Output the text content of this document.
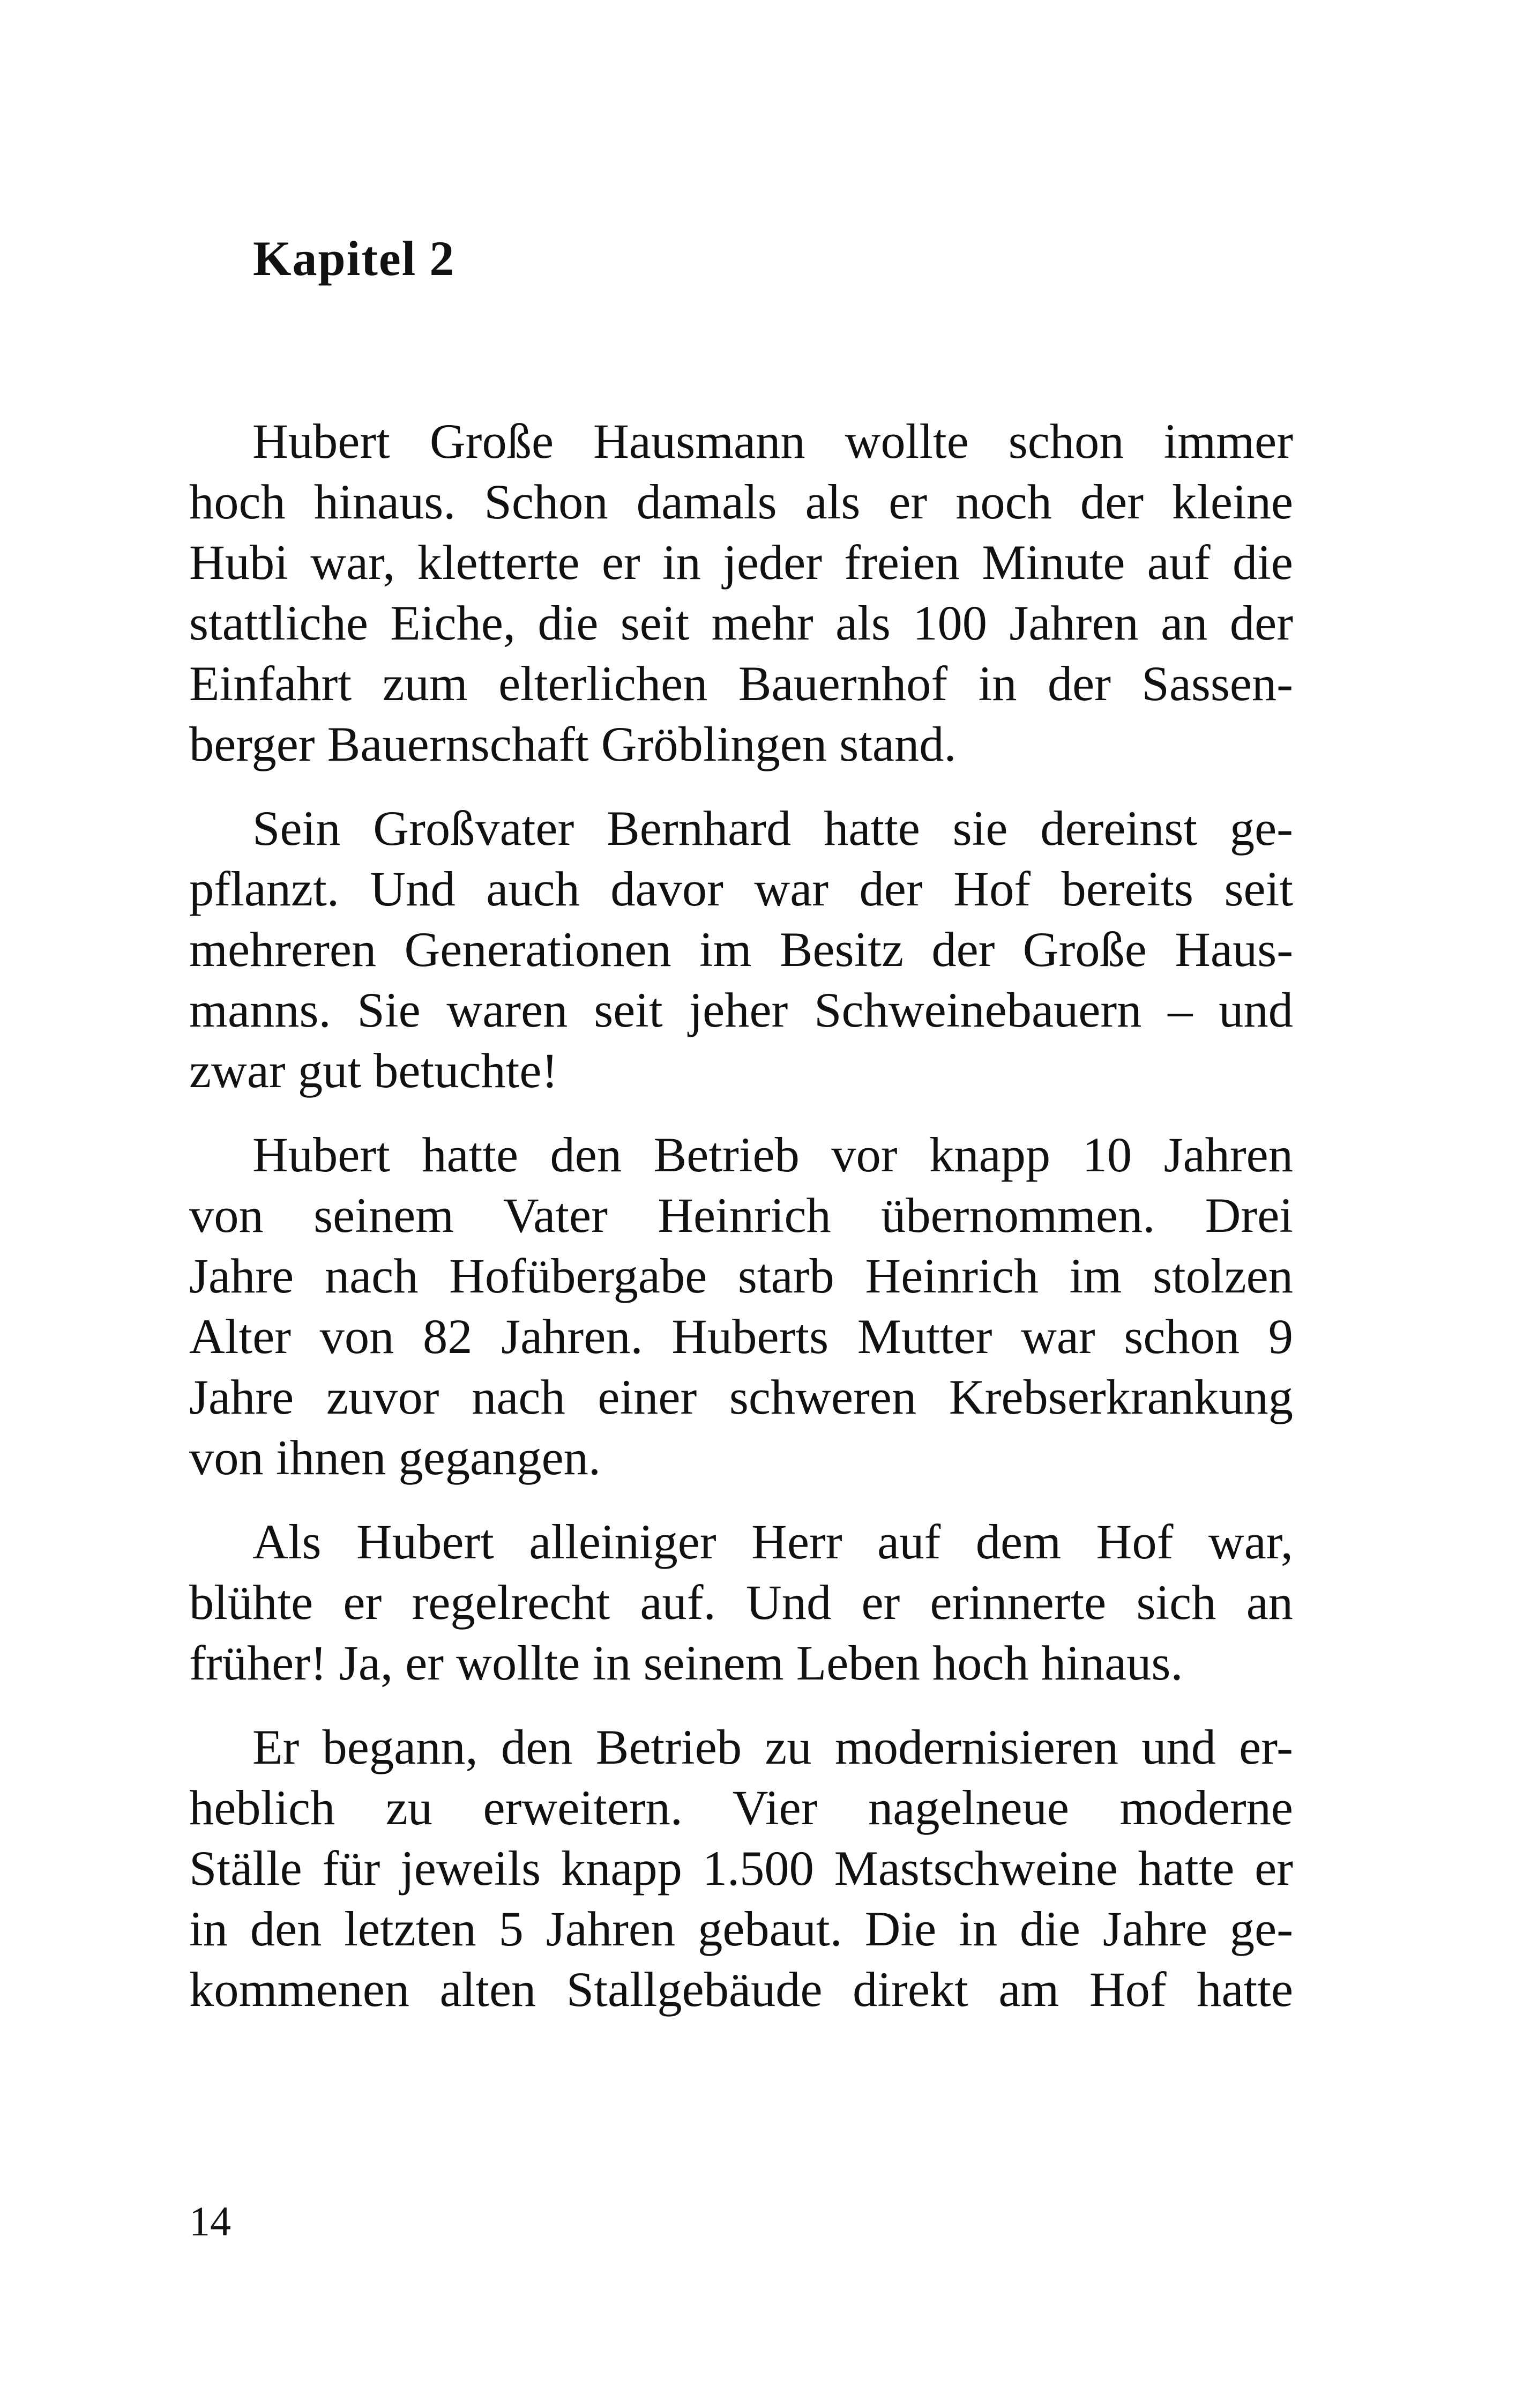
Kapitel 2

Hubert Große Hausmann wollte schon immer
hoch hinaus. Schon damals als er noch der kleine
Hubi war, kletterte er in jeder freien Minute auf die
stattliche Eiche, die seit mehr als 100 Jahren an der
Einfahrt zum elterlichen Bauernhof in der Sassen-
berger Bauernschaft Gröblingen stand.

Sein Großvater Bernhard hatte sie dereinst ge-
pflanzt. Und auch davor war der Hof bereits seit
mehreren Generationen im Besitz der Große Haus-
manns. Sie waren seit jeher Schweinebauern – und
zwar gut betuchte!

Hubert hatte den Betrieb vor knapp 10 Jahren
von seinem Vater Heinrich übernommen. Drei
Jahre nach Hofübergabe starb Heinrich im stolzen
Alter von 82 Jahren. Huberts Mutter war schon 9
Jahre zuvor nach einer schweren Krebserkrankung
von ihnen gegangen.

Als Hubert alleiniger Herr auf dem Hof war,
blühte er regelrecht auf. Und er erinnerte sich an
früher! Ja, er wollte in seinem Leben hoch hinaus.

Er begann, den Betrieb zu modernisieren und er-
heblich zu erweitern. Vier nagelneue moderne
Ställe für jeweils knapp 1.500 Mastschweine hatte er
in den letzten 5 Jahren gebaut. Die in die Jahre ge-
kommenen alten Stallgebäude direkt am Hof hatte

14
